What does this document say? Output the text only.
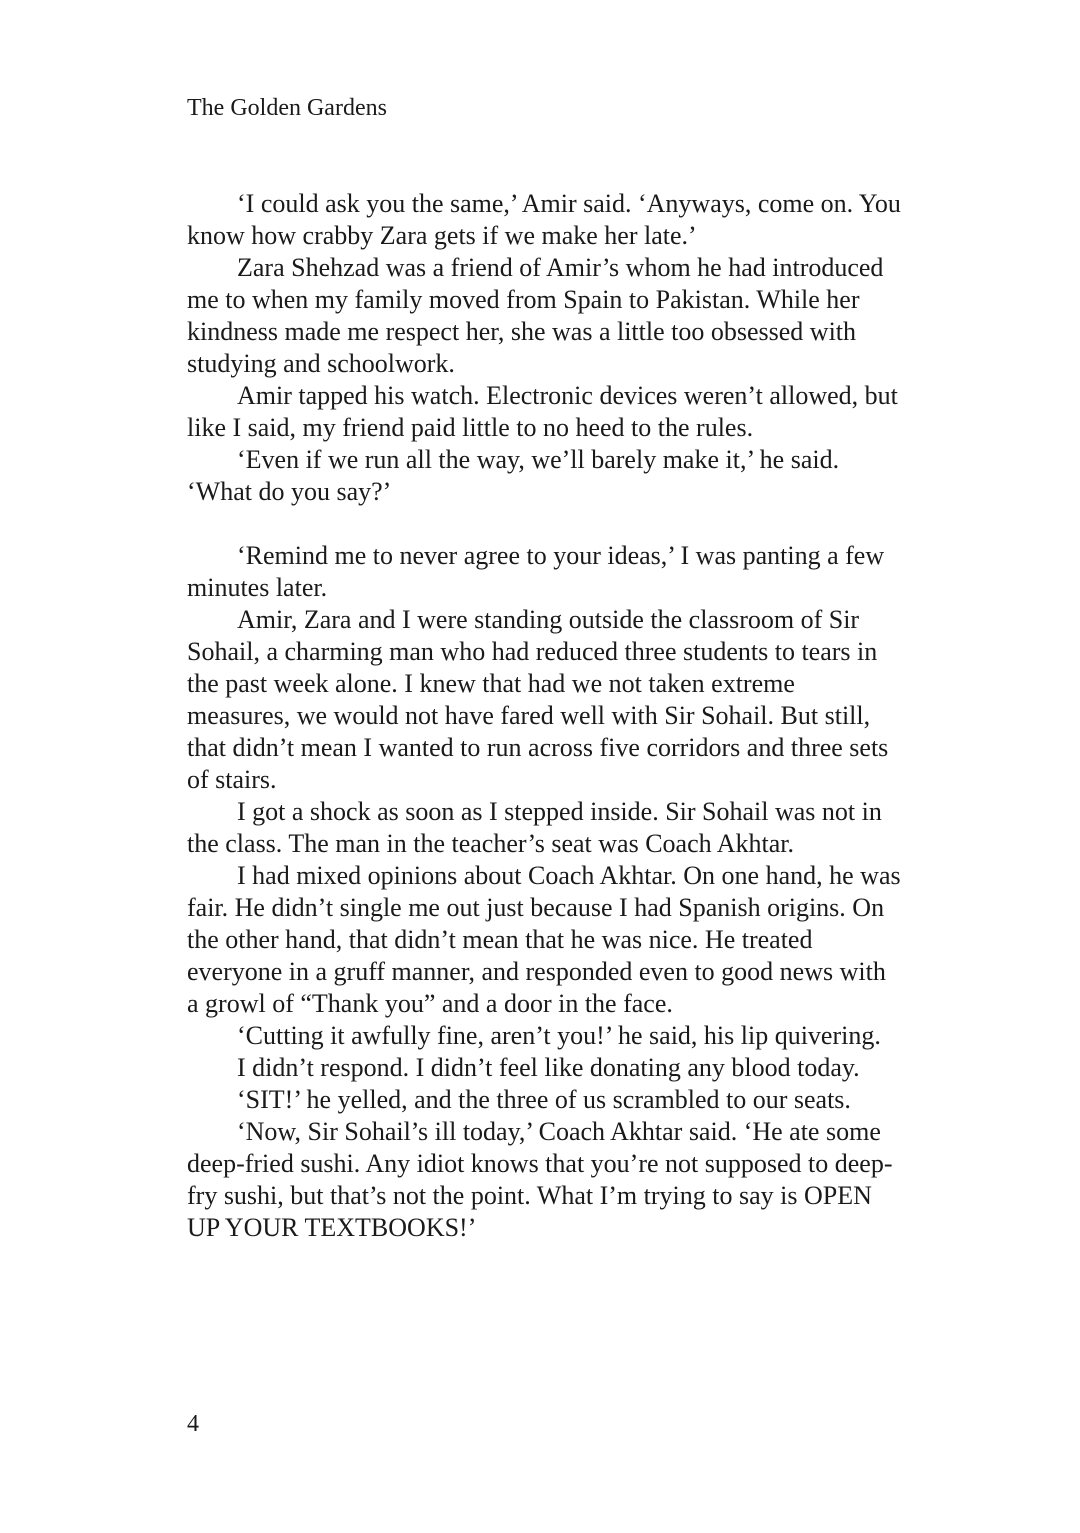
The Golden Gardens

‘I could ask you the same,’ Amir said. ‘Anyways, come on. You know how crabby Zara gets if we make her late.’

Zara Shehzad was a friend of Amir’s whom he had introduced me to when my family moved from Spain to Pakistan. While her kindness made me respect her, she was a little too obsessed with studying and schoolwork.

Amir tapped his watch. Electronic devices weren’t allowed, but like I said, my friend paid little to no heed to the rules.

‘Even if we run all the way, we’ll barely make it,’ he said. ‘What do you say?’

‘Remind me to never agree to your ideas,’ I was panting a few minutes later.

Amir, Zara and I were standing outside the classroom of Sir Sohail, a charming man who had reduced three students to tears in the past week alone. I knew that had we not taken extreme measures, we would not have fared well with Sir Sohail. But still, that didn’t mean I wanted to run across five corridors and three sets of stairs.

I got a shock as soon as I stepped inside. Sir Sohail was not in the class. The man in the teacher’s seat was Coach Akhtar.

I had mixed opinions about Coach Akhtar. On one hand, he was fair. He didn’t single me out just because I had Spanish origins. On the other hand, that didn’t mean that he was nice. He treated everyone in a gruff manner, and responded even to good news with a growl of “Thank you” and a door in the face.

‘Cutting it awfully fine, aren’t you!’ he said, his lip quivering.

I didn’t respond. I didn’t feel like donating any blood today.

‘SIT!’ he yelled, and the three of us scrambled to our seats.

‘Now, Sir Sohail’s ill today,’ Coach Akhtar said. ‘He ate some deep-fried sushi. Any idiot knows that you’re not supposed to deep-fry sushi, but that’s not the point. What I’m trying to say is OPEN UP YOUR TEXTBOOKS!’

4
